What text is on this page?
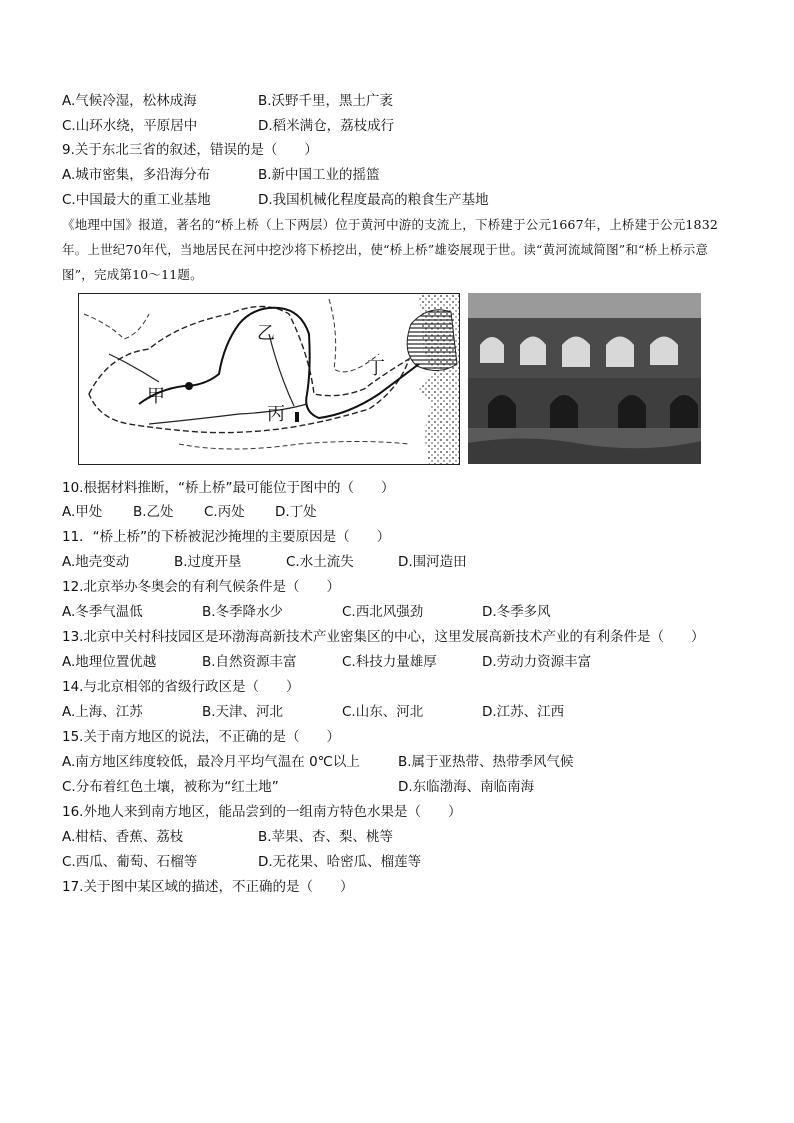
A.气候冷湿，松林成海	B.沃野千里，黑土广袤
C.山环水绕，平原居中	D.稻米满仓，荔枝成行
9.关于东北三省的叙述，错误的是（　　）
A.城市密集，多沿海分布	B.新中国工业的摇篮
C.中国最大的重工业基地	D.我国机械化程度最高的粮食生产基地
《地理中国》报道，著名的“桥上桥（上下两层）位于黄河中游的支流上，下桥建于公元1667年，上桥建于公元1832年。上世纪70年代，当地居民在河中挖沙将下桥挖出，使“桥上桥”雄姿展现于世。读“黄河流域简图”和“桥上桥示意图”，完成第10～11题。
甲
乙
丙
丁
10.根据材料推断，“桥上桥”最可能位于图中的（　　）
A.甲处 B.乙处 C.丙处 D.丁处
11．“桥上桥”的下桥被泥沙掩埋的主要原因是（　　）
A.地壳变动	B.过度开垦	C.水土流失	D.围河造田
12.北京举办冬奥会的有利气候条件是（　　）
A.冬季气温低	B.冬季降水少	C.西北风强劲	D.冬季多风
13.北京中关村科技园区是环渤海高新技术产业密集区的中心，这里发展高新技术产业的有利条件是（　　）
A.地理位置优越	B.自然资源丰富	C.科技力量雄厚	D.劳动力资源丰富
14.与北京相邻的省级行政区是（　　）
A.上海、江苏	B.天津、河北	C.山东、河北	D.江苏、江西
15.关于南方地区的说法，不正确的是（　　）
A.南方地区纬度较低，最冷月平均气温在 0℃以上	B.属于亚热带、热带季风气候
C.分布着红色土壤，被称为“红土地”	D.东临渤海、南临南海
16.外地人来到南方地区，能品尝到的一组南方特色水果是（　　）
A.柑桔、香蕉、荔枝	B.苹果、杏、梨、桃等
C.西瓜、葡萄、石榴等	D.无花果、哈密瓜、榴莲等
17.关于图中某区域的描述，不正确的是（　　）
